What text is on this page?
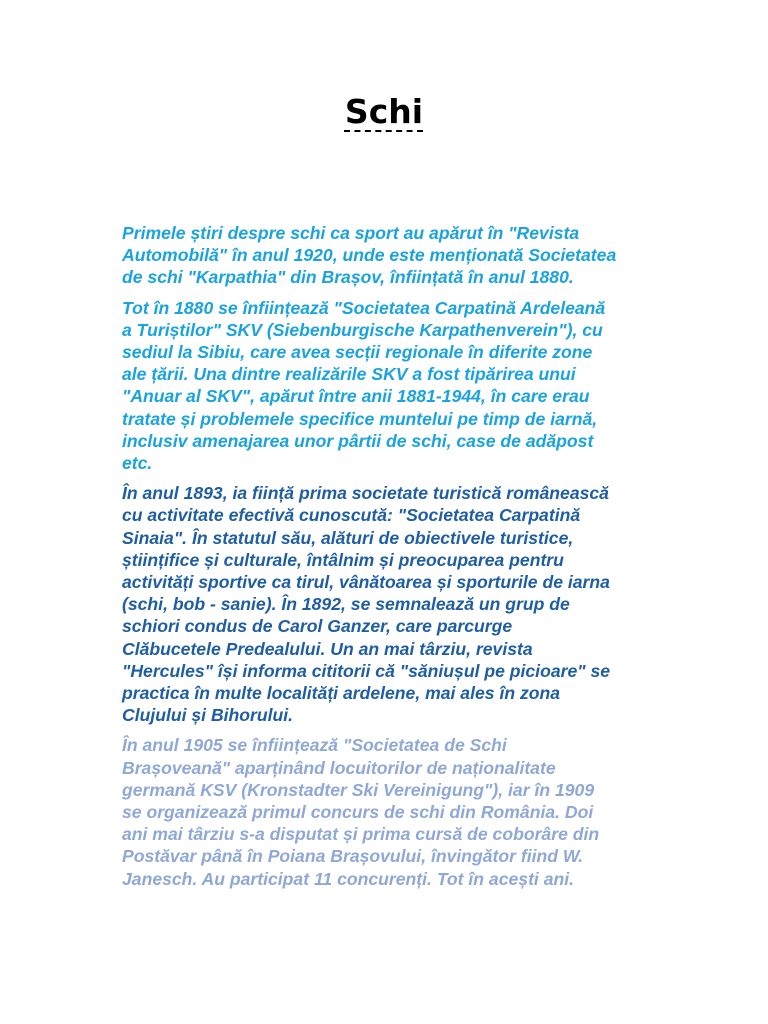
Schi

Primele știri despre schi ca sport au apărut în "Revista
Automobilă" în anul 1920, unde este menționată Societatea
de schi "Karpathia" din Brașov, înființată în anul 1880.

Tot în 1880 se înființează "Societatea Carpatină Ardeleană
a Turiștilor" SKV (Siebenburgische Karpathenverein"), cu
sediul la Sibiu, care avea secții regionale în diferite zone
ale țării. Una dintre realizările SKV a fost tipărirea unui
"Anuar al SKV", apărut între anii 1881-1944, în care erau
tratate și problemele specifice muntelui pe timp de iarnă,
inclusiv amenajarea unor pârtii de schi, case de adăpost
etc.

În anul 1893, ia ființă prima societate turistică românească
cu activitate efectivă cunoscută: "Societatea Carpatină
Sinaia". În statutul său, alături de obiectivele turistice,
științifice și culturale, întâlnim și preocuparea pentru
activități sportive ca tirul, vânătoarea și sporturile de iarna
(schi, bob - sanie). În 1892, se semnalează un grup de
schiori condus de Carol Ganzer, care parcurge
Clăbucetele Predealului. Un an mai târziu, revista
"Hercules" își informa cititorii că "săniușul pe picioare" se
practica în multe localități ardelene, mai ales în zona
Clujului și Bihorului.

În anul 1905 se înființează "Societatea de Schi
Brașoveană" aparținând locuitorilor de naționalitate
germană KSV (Kronstadter Ski Vereinigung"), iar în 1909
se organizează primul concurs de schi din România. Doi
ani mai târziu s-a disputat și prima cursă de coborâre din
Postăvar până în Poiana Brașovului, învingător fiind W.
Janesch. Au participat 11 concurenți. Tot în acești ani.
